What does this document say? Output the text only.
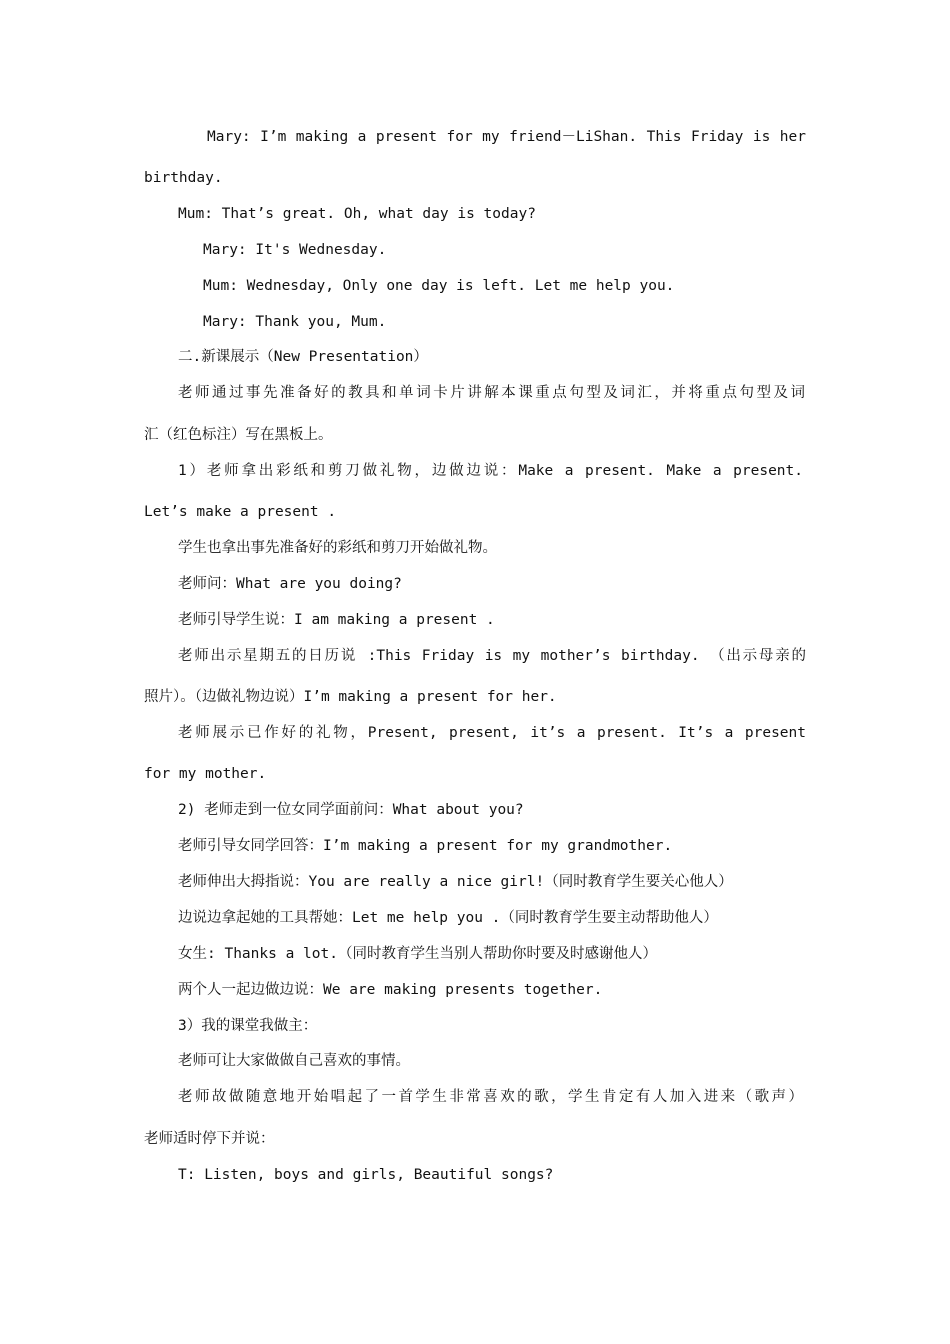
Mary: I’m making a present for my friend－LiShan. This Friday is her
birthday.
Mum: That’s great. Oh, what day is today?
Mary: It's Wednesday.
Mum: Wednesday, Only one day is left. Let me help you.
Mary: Thank you, Mum.
二.新课展示（New Presentation）
老师通过事先准备好的教具和单词卡片讲解本课重点句型及词汇，并将重点句型及词
汇（红色标注）写在黑板上。
1）老师拿出彩纸和剪刀做礼物，边做边说：Make a present. Make a present.
Let’s make a present .
学生也拿出事先准备好的彩纸和剪刀开始做礼物。
老师问：What are you doing?
老师引导学生说：I am making a present .
老师出示星期五的日历说 :This Friday is my mother’s birthday. （出示母亲的
照片）。（边做礼物边说）I’m making a present for her.
老师展示已作好的礼物，Present, present, it’s a present. It’s a present
for my mother.
2) 老师走到一位女同学面前问：What about you?
老师引导女同学回答：I’m making a present for my grandmother.
老师伸出大拇指说：You are really a nice girl!（同时教育学生要关心他人）
边说边拿起她的工具帮她：Let me help you .（同时教育学生要主动帮助他人）
女生: Thanks a lot.（同时教育学生当别人帮助你时要及时感谢他人）
两个人一起边做边说：We are making presents together.
3）我的课堂我做主：
老师可让大家做做自己喜欢的事情。
老师故做随意地开始唱起了一首学生非常喜欢的歌，学生肯定有人加入进来（歌声）
老师适时停下并说：
T: Listen, boys and girls, Beautiful songs?
